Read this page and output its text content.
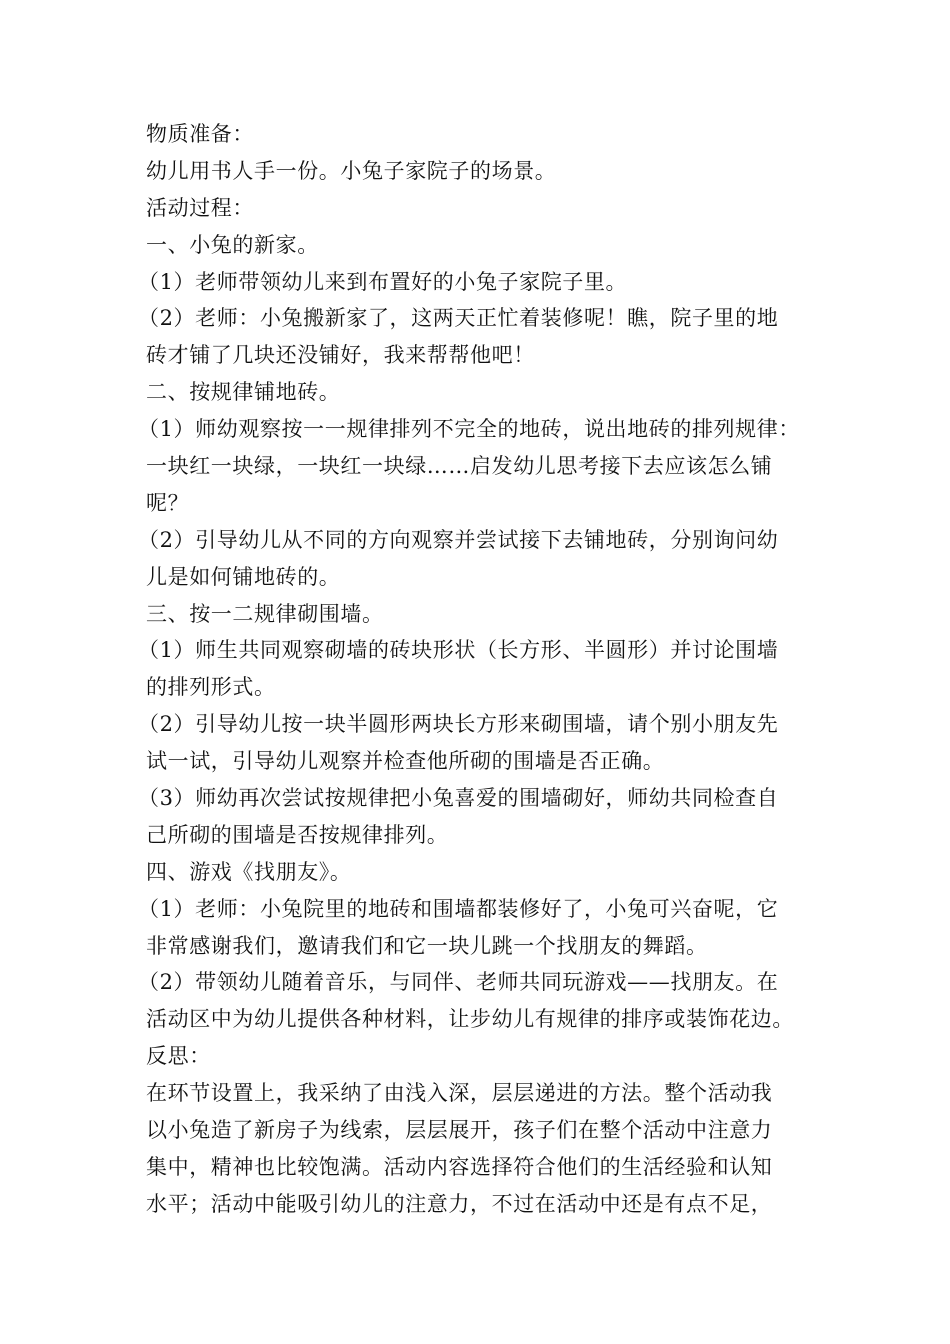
物质准备：
幼儿用书人手一份。小兔子家院子的场景。
活动过程：
一、小兔的新家。
（1）老师带领幼儿来到布置好的小兔子家院子里。
（2）老师：小兔搬新家了，这两天正忙着装修呢！瞧，院子里的地
砖才铺了几块还没铺好，我来帮帮他吧！
二、按规律铺地砖。
（1）师幼观察按一一规律排列不完全的地砖，说出地砖的排列规律：
一块红一块绿，一块红一块绿……启发幼儿思考接下去应该怎么铺
呢？
（2）引导幼儿从不同的方向观察并尝试接下去铺地砖，分别询问幼
儿是如何铺地砖的。
三、按一二规律砌围墙。
（1）师生共同观察砌墙的砖块形状（长方形、半圆形）并讨论围墙
的排列形式。
（2）引导幼儿按一块半圆形两块长方形来砌围墙，请个别小朋友先
试一试，引导幼儿观察并检查他所砌的围墙是否正确。
（3）师幼再次尝试按规律把小兔喜爱的围墙砌好，师幼共同检查自
己所砌的围墙是否按规律排列。
四、游戏《找朋友》。
（1）老师：小兔院里的地砖和围墙都装修好了，小兔可兴奋呢，它
非常感谢我们，邀请我们和它一块儿跳一个找朋友的舞蹈。
（2）带领幼儿随着音乐，与同伴、老师共同玩游戏——找朋友。在
活动区中为幼儿提供各种材料，让步幼儿有规律的排序或装饰花边。
反思：
在环节设置上，我采纳了由浅入深，层层递进的方法。整个活动我
以小兔造了新房子为线索，层层展开，孩子们在整个活动中注意力
集中，精神也比较饱满。活动内容选择符合他们的生活经验和认知
水平；活动中能吸引幼儿的注意力，不过在活动中还是有点不足，
